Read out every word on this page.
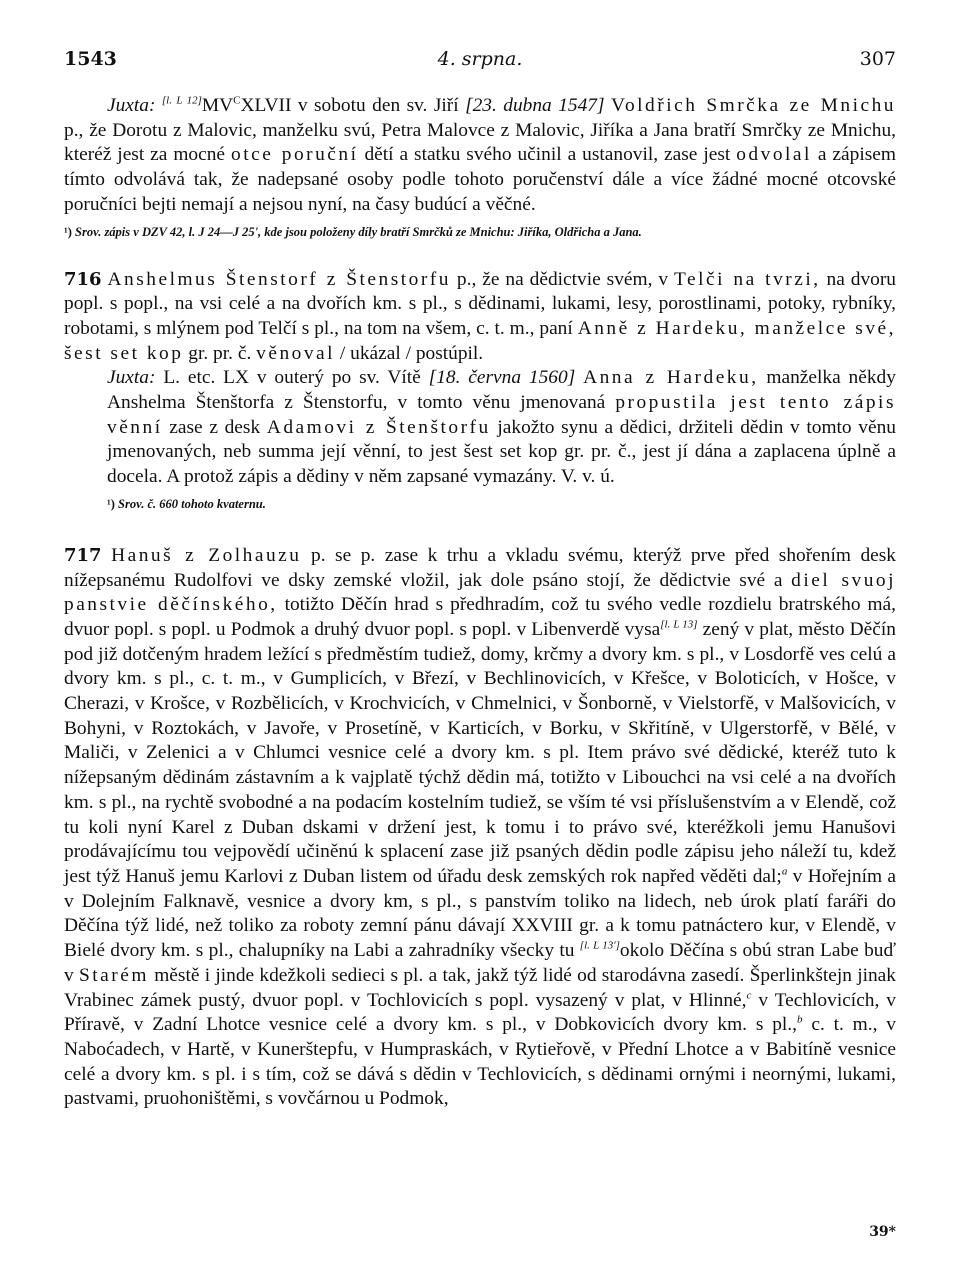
1543	4. srpna.	307

Juxta: $[l. L 12]MV^CXLVII$ v sobotu den sv. Jiří [23. dubna 1547] Voldřich Smrčka ze Mnichu p., že Dorotu z Malovic, manželku svú, Petra Malovce z Malovic, Jiříka a Jana bratří Smrčky ze Mnichu, kteréž jest za mocné otce poruční dětí a statku svého učinil a ustanovil, zase jest odvolal a zápisem tímto odvolává tak, že nadepsané osoby podle tohoto poručenství dále a více žádné mocné otcovské poručníci bejti nemají a nejsou nyní, na časy budúcí a věčné.

¹) Srov. zápis v DZV 42, l. J 24—J 25', kde jsou položeny díly bratří Smrčků ze Mnichu: Jiříka, Oldřicha a Jana.

716 Anshelmus Štenstorf z Štenstorfu p., že na dědictvie svém, v Telči na tvrzi, na dvoru popl. s popl., na vsi celé a na dvořích km. s pl., s dědinami, lukami, lesy, porostlinami, potoky, rybníky, robotami, s mlýnem pod Telčí s pl., na tom na všem, c. t. m., paní Anně z Hardeku, manželce své, šest set kop gr. pr. č. věnoval / ukázal / postúpil.

Juxta: L. etc. LX v outerý po sv. Vítě [18. června 1560] Anna z Hardeku, manželka někdy Anshelma Štenštorfa z Štenstorfu, v tomto věnu jmenovaná propustila jest tento zápis věnní zase z desk Adamovi z Štenštorfu jakožto synu a dědici, držiteli dědin v tomto věnu jmenovaných, neb summa její věnní, to jest šest set kop gr. pr. č., jest jí dána a zaplacena úplně a docela. A protož zápis a dědiny v něm zapsané vymazány. V. v. ú.

¹) Srov. č. 660 tohoto kvaternu.

717 Hanuš z Zolhauzu p. se p. zase k trhu a vkladu svému, kterýž prve před shořením desk nížepsanému Rudolfovi ve dsky zemské vložil, jak dole psáno stojí, že dědictvie své a diel svuoj panstvie děčínského, totižto Děčín hrad s předhradím, což tu svého vedle rozdielu bratrského má, dvuor popl. s popl. u Podmok a druhý dvuor popl. s popl. v Libenverdě vysa[l. L 13] zený v plat, město Děčín pod již dotčeným hradem ležící s předměstím tudiež, domy, krčmy a dvory km. s pl., v Losdorfě ves celú a dvory km. s pl., c. t. m., v Gumplicích, v Březí, v Bechlinovicích, v Křešce, v Boloticích, v Hošce, v Cherazi, v Krošce, v Rozbělicích, v Krochvicích, v Chmelnici, v Šonborně, v Vielstorfě, v Malšovicích, v Bohyni, v Roztokách, v Javoře, v Prosetíně, v Karticích, v Borku, v Skřitíně, v Ulgerstorfě, v Bělé, v Maliči, v Zelenici a v Chlumci vesnice celé a dvory km. s pl. Item právo své dědické, kteréž tuto k nížepsaným dědinám zástavním a k vajplatě týchž dědin má, totižto v Libouchci na vsi celé a na dvořích km. s pl., na rychtě svobodné a na podacím kostelním tudiež, se vším té vsi příslušenstvím a v Elendě, což tu koli nyní Karel z Duban dskami v držení jest, k tomu i to právo své, kteréžkoli jemu Hanušovi prodávajícímu tou vejpovědí učiněnú k splacení zase již psaných dědin podle zápisu jeho náleží tu, kdež jest týž Hanuš jemu Karlovi z Duban listem od úřadu desk zemských rok napřed věděti dal;$^a$ v Hořejním a v Dolejním Falknavě, vesnice a dvory km, s pl., s panstvím toliko na lidech, neb úrok platí faráři do Děčína týž lidé, než toliko za roboty zemní pánu dávají XXVIII gr. a k tomu patnáctero kur, v Elendě, v Bielé dvory km. s pl., chalupníky na Labi a zahradníky všecky tu [l. L 13']okolo Děčína s obú stran Labe buď v Starém městě i jinde kdežkoli sedieci s pl. a tak, jakž týž lidé od starodávna zasedí. Šperlinkštejn jinak Vrabinec zámek pustý, dvuor popl. v Tochlovicích s popl. vysazený v plat, v Hlinné,$^c$ v Techlovicích, v Příravě, v Zadní Lhotce vesnice celé a dvory km. s pl., v Dobkovicích dvory km. s pl.,$^b$ c. t. m., v Naboćadech, v Hartě, v Kunerštерfu, v Humpraskách, v Rytieřově, v Přední Lhotce a v Babitíně vesnice celé a dvory km. s pl. i s tím, což se dává s dědin v Techlovicích, s dědinami ornými i neornými, lukami, pastvami, pruohoništěmi, s vovčárnou u Podmok,

39*
